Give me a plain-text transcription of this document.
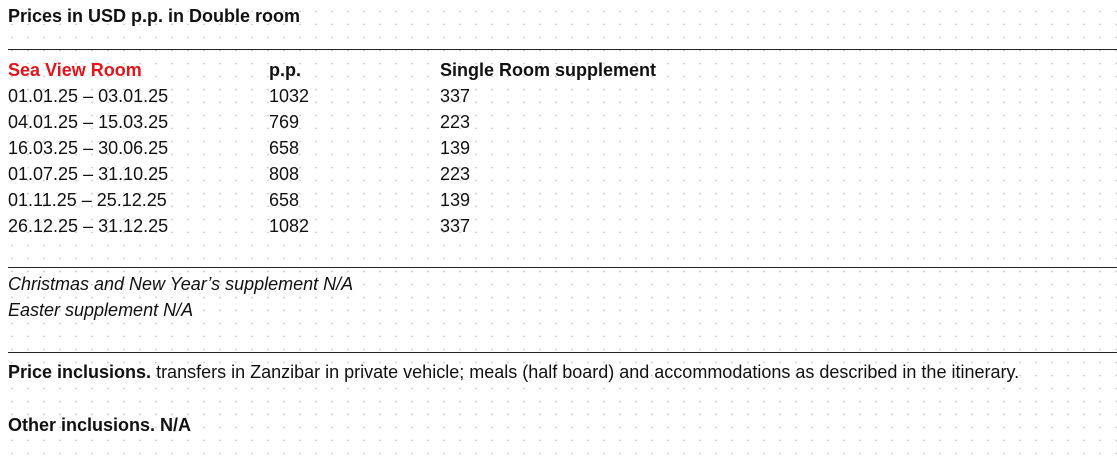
Prices in USD p.p. in Double room
Sea View Room	p.p.	Single Room supplement
01.01.25 – 03.01.25	1032	337
04.01.25 – 15.03.25	769	223
16.03.25 – 30.06.25	658	139
01.07.25 – 31.10.25	808	223
01.11.25 – 25.12.25	658	139
26.12.25 – 31.12.25	1082	337
Christmas and New Year’s supplement N/A
Easter supplement N/A
Price inclusions. transfers in Zanzibar in private vehicle; meals (half board) and accommodations as described in the itinerary.
Other inclusions. N/A
